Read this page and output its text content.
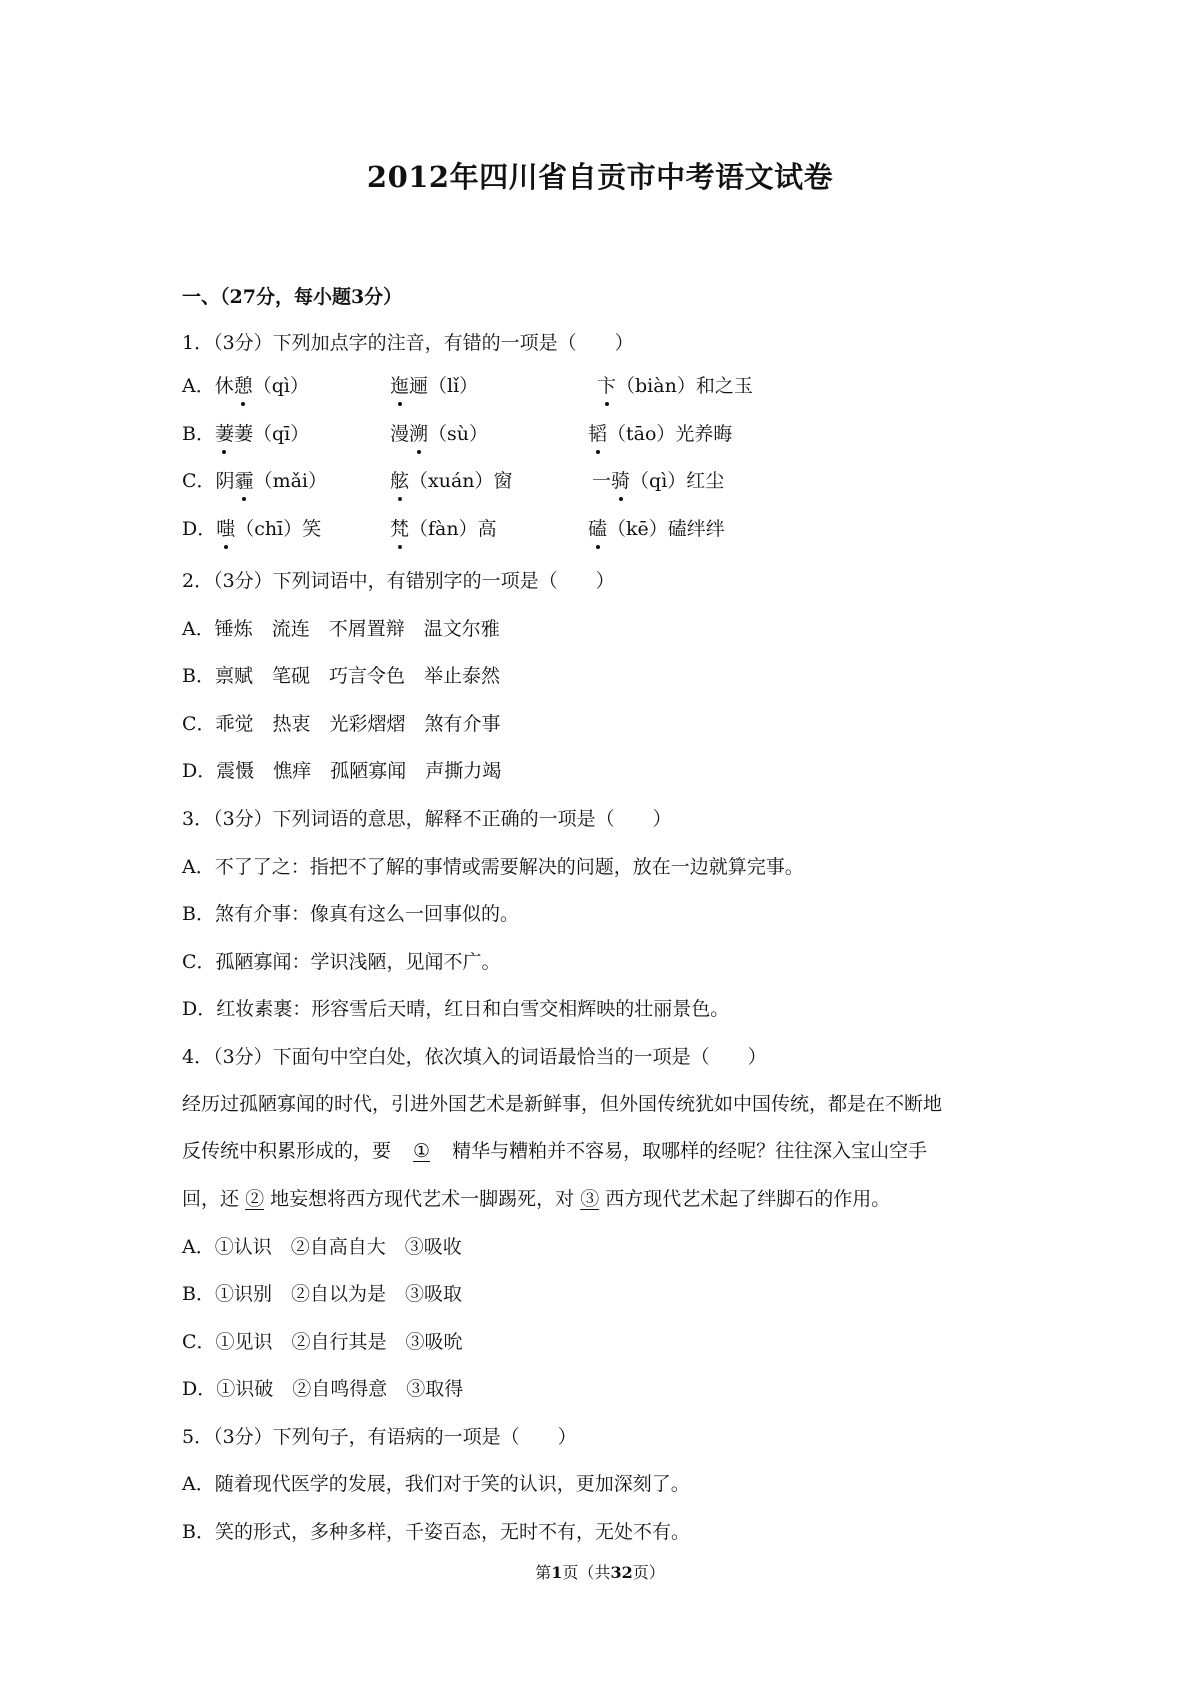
2012年四川省自贡市中考语文试卷
一、（27分，每小题3分）
1．（3分）下列加点字的注音，有错的一项是（　　）
A．休憩（qì）	迤逦（lǐ）	卞（biàn）和之玉
B．萋萋（qī）	漫溯（sù）	韬（tāo）光养晦
C．阴霾（mǎi）	舷（xuán）窗	一骑（qì）红尘
D．嗤（chī）笑	梵（fàn）高	磕（kē）磕绊绊
2．（3分）下列词语中，有错别字的一项是（　　）
A．锤炼　流连　不屑置辩　温文尔雅
B．禀赋　笔砚　巧言令色　举止泰然
C．乖觉　热衷　光彩熠熠　煞有介事
D．震慑　憔痒　孤陋寡闻　声撕力竭
3．（3分）下列词语的意思，解释不正确的一项是（　　）
A．不了了之：指把不了解的事情或需要解决的问题，放在一边就算完事。
B．煞有介事：像真有这么一回事似的。
C．孤陋寡闻：学识浅陋，见闻不广。
D．红妆素裹：形容雪后天晴，红日和白雪交相辉映的壮丽景色。
4．（3分）下面句中空白处，依次填入的词语最恰当的一项是（　　）
经历过孤陋寡闻的时代，引进外国艺术是新鲜事，但外国传统犹如中国传统，都是在不断地
反传统中积累形成的，要 ① 精华与糟粕并不容易，取哪样的经呢？往往深入宝山空手
回，还 ② 地妄想将西方现代艺术一脚踢死，对 ③ 西方现代艺术起了绊脚石的作用。
A．①认识　②自高自大　③吸收
B．①识别　②自以为是　③吸取
C．①见识　②自行其是　③吸吮
D．①识破　②自鸣得意　③取得
5．（3分）下列句子，有语病的一项是（　　）
A．随着现代医学的发展，我们对于笑的认识，更加深刻了。
B．笑的形式，多种多样，千姿百态，无时不有，无处不有。
第1页（共32页）
